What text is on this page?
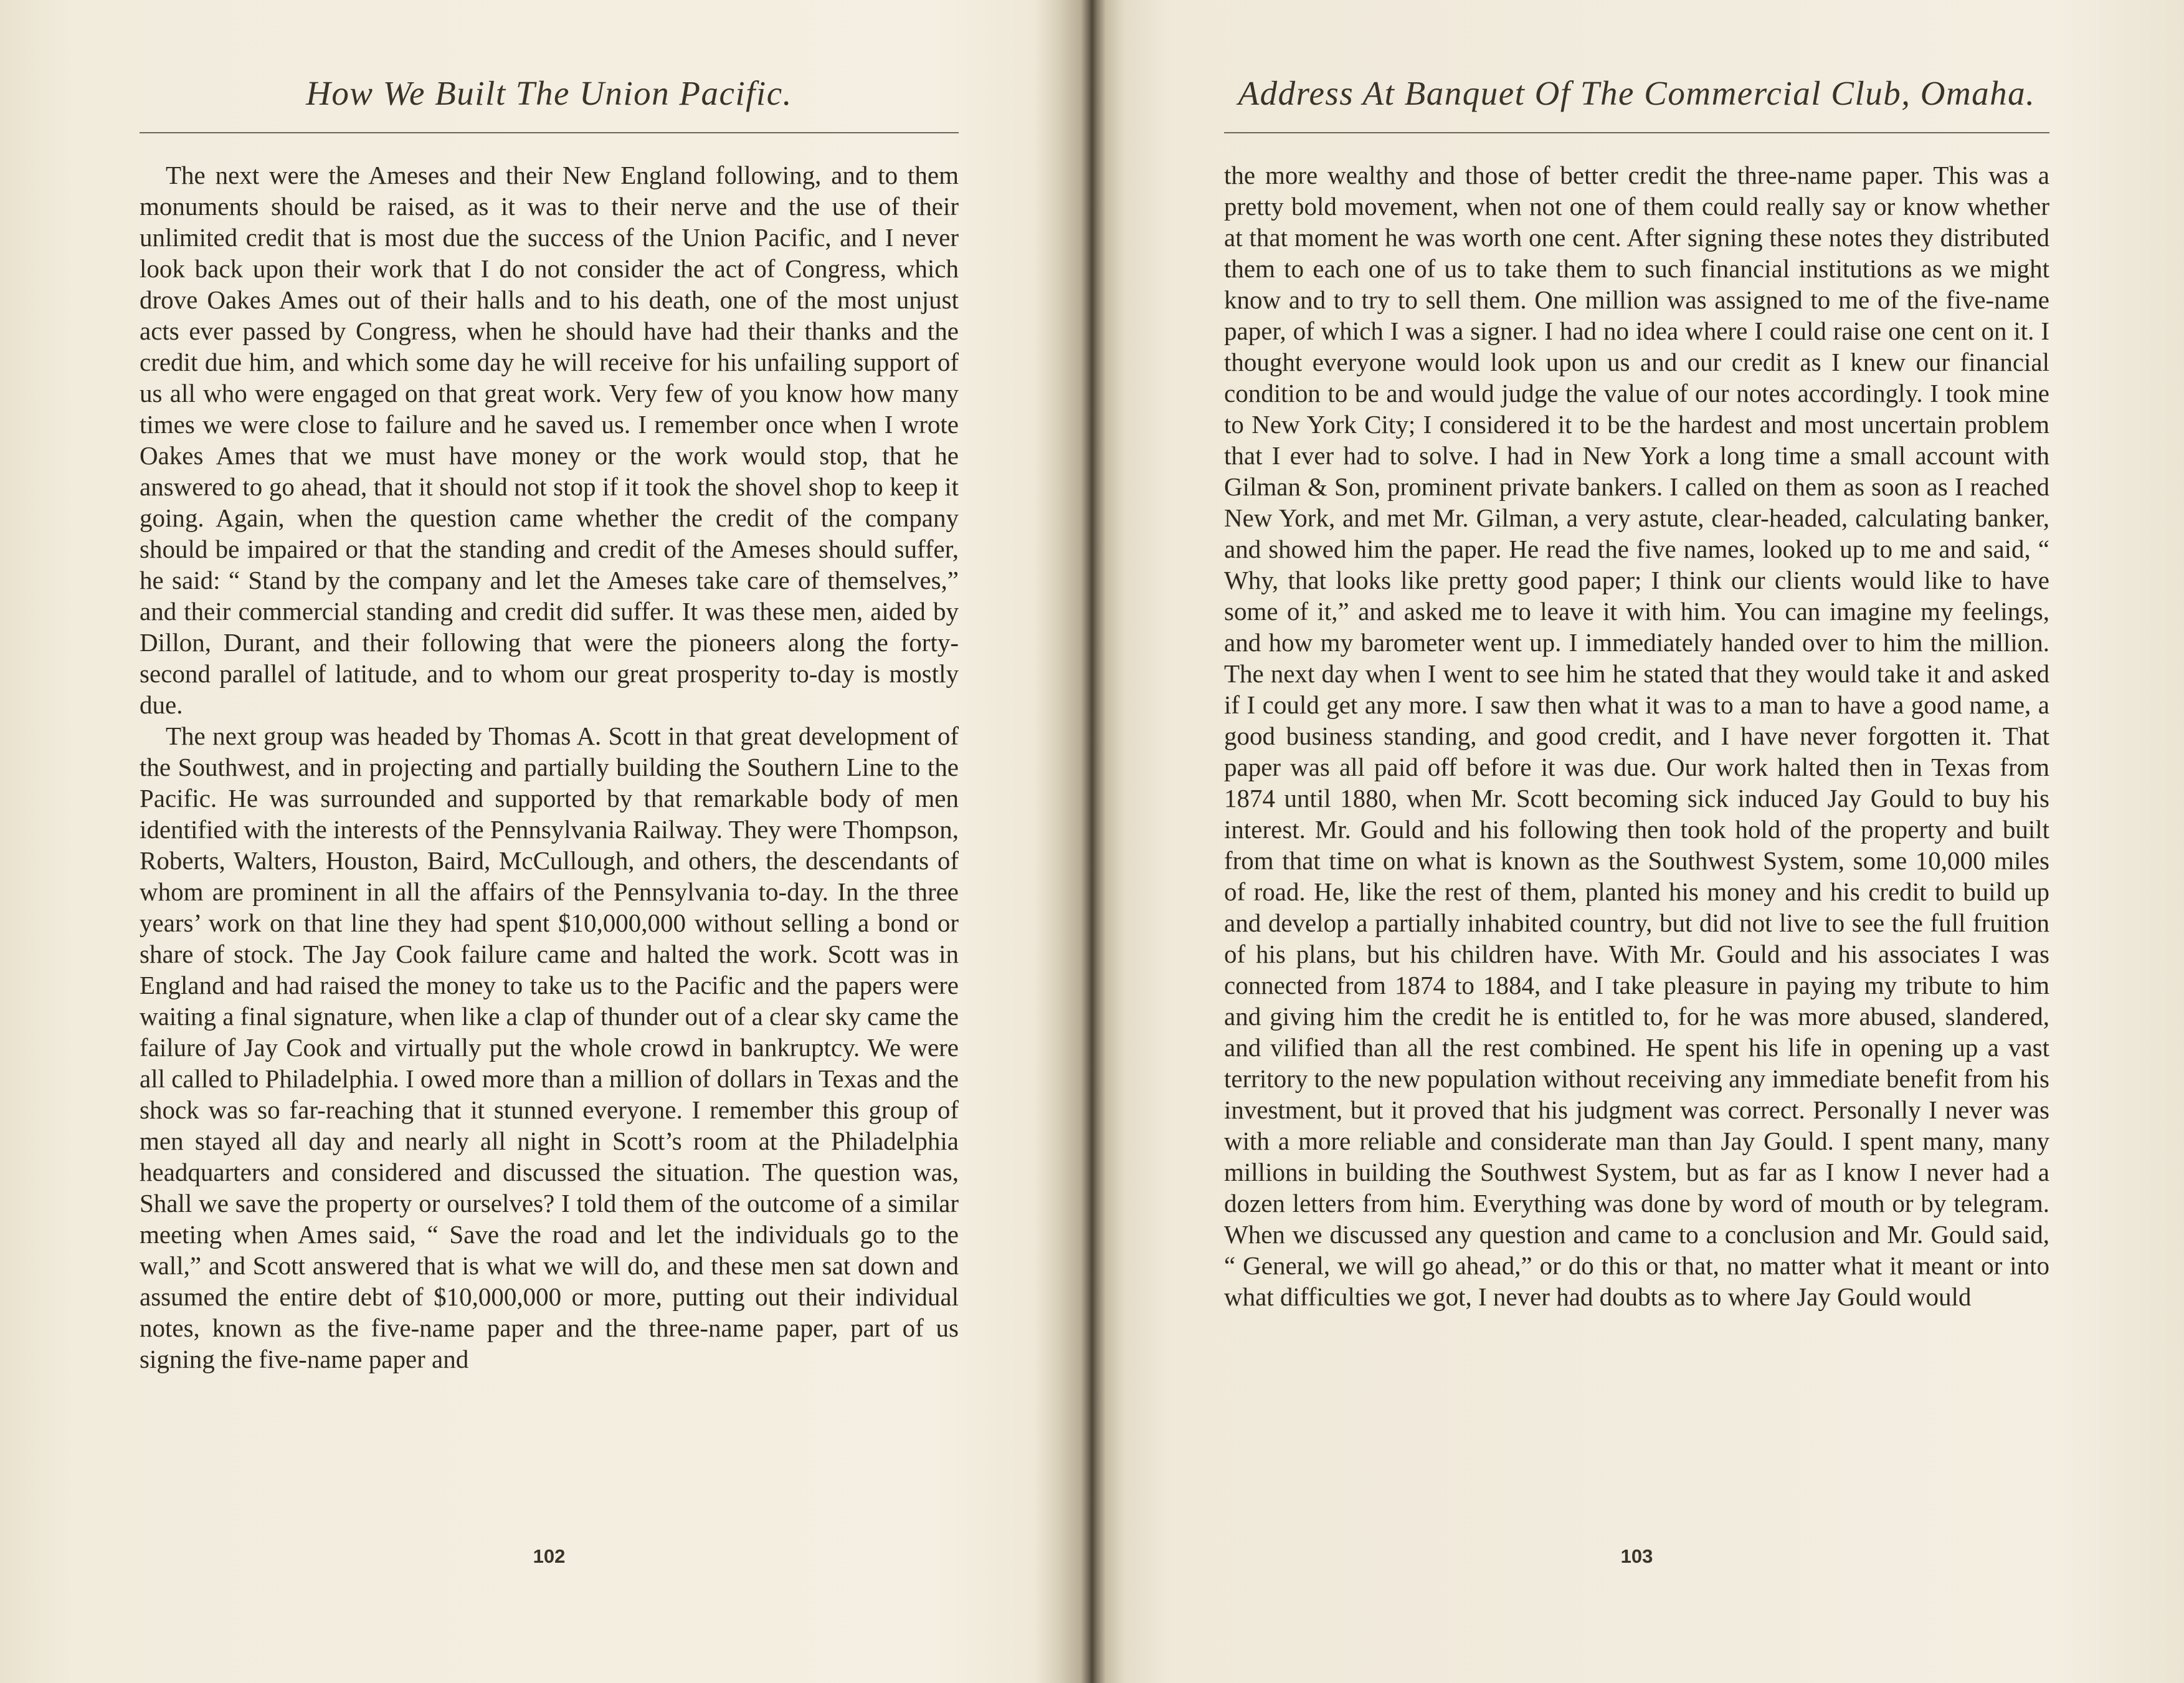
How We Built The Union Pacific.

The next were the Ameses and their New England following, and to them monuments should be raised, as it was to their nerve and the use of their unlimited credit that is most due the success of the Union Pacific, and I never look back upon their work that I do not consider the act of Congress, which drove Oakes Ames out of their halls and to his death, one of the most unjust acts ever passed by Congress, when he should have had their thanks and the credit due him, and which some day he will receive for his unfailing support of us all who were engaged on that great work. Very few of you know how many times we were close to failure and he saved us. I remember once when I wrote Oakes Ames that we must have money or the work would stop, that he answered to go ahead, that it should not stop if it took the shovel shop to keep it going. Again, when the question came whether the credit of the company should be impaired or that the standing and credit of the Ameses should suffer, he said: “ Stand by the company and let the Ameses take care of themselves,” and their commercial standing and credit did suffer. It was these men, aided by Dillon, Durant, and their following that were the pioneers along the forty-second parallel of latitude, and to whom our great prosperity to-day is mostly due.

The next group was headed by Thomas A. Scott in that great development of the Southwest, and in projecting and partially building the Southern Line to the Pacific. He was surrounded and supported by that remarkable body of men identified with the interests of the Pennsylvania Railway. They were Thompson, Roberts, Walters, Houston, Baird, McCullough, and others, the descendants of whom are prominent in all the affairs of the Pennsylvania to-day. In the three years’ work on that line they had spent $10,000,000 without selling a bond or share of stock. The Jay Cook failure came and halted the work. Scott was in England and had raised the money to take us to the Pacific and the papers were waiting a final signature, when like a clap of thunder out of a clear sky came the failure of Jay Cook and virtually put the whole crowd in bankruptcy. We were all called to Philadelphia. I owed more than a million of dollars in Texas and the shock was so far-reaching that it stunned everyone. I remember this group of men stayed all day and nearly all night in Scott’s room at the Philadelphia headquarters and considered and discussed the situation. The question was, Shall we save the property or ourselves? I told them of the outcome of a similar meeting when Ames said, “ Save the road and let the individuals go to the wall,” and Scott answered that is what we will do, and these men sat down and assumed the entire debt of $10,000,000 or more, putting out their individual notes, known as the five-name paper and the three-name paper, part of us signing the five-name paper and

102
Address At Banquet Of The Commercial Club, Omaha.

the more wealthy and those of better credit the three-name paper. This was a pretty bold movement, when not one of them could really say or know whether at that moment he was worth one cent. After signing these notes they distributed them to each one of us to take them to such financial institutions as we might know and to try to sell them. One million was assigned to me of the five-name paper, of which I was a signer. I had no idea where I could raise one cent on it. I thought everyone would look upon us and our credit as I knew our financial condition to be and would judge the value of our notes accordingly. I took mine to New York City; I considered it to be the hardest and most uncertain problem that I ever had to solve. I had in New York a long time a small account with Gilman & Son, prominent private bankers. I called on them as soon as I reached New York, and met Mr. Gilman, a very astute, clear-headed, calculating banker, and showed him the paper. He read the five names, looked up to me and said, “ Why, that looks like pretty good paper; I think our clients would like to have some of it,” and asked me to leave it with him. You can imagine my feelings, and how my barometer went up. I immediately handed over to him the million. The next day when I went to see him he stated that they would take it and asked if I could get any more. I saw then what it was to a man to have a good name, a good business standing, and good credit, and I have never forgotten it. That paper was all paid off before it was due. Our work halted then in Texas from 1874 until 1880, when Mr. Scott becoming sick induced Jay Gould to buy his interest. Mr. Gould and his following then took hold of the property and built from that time on what is known as the Southwest System, some 10,000 miles of road. He, like the rest of them, planted his money and his credit to build up and develop a partially inhabited country, but did not live to see the full fruition of his plans, but his children have. With Mr. Gould and his associates I was connected from 1874 to 1884, and I take pleasure in paying my tribute to him and giving him the credit he is entitled to, for he was more abused, slandered, and vilified than all the rest combined. He spent his life in opening up a vast territory to the new population without receiving any immediate benefit from his investment, but it proved that his judgment was correct. Personally I never was with a more reliable and considerate man than Jay Gould. I spent many, many millions in building the Southwest System, but as far as I know I never had a dozen letters from him. Everything was done by word of mouth or by telegram. When we discussed any question and came to a conclusion and Mr. Gould said, “ General, we will go ahead,” or do this or that, no matter what it meant or into what difficulties we got, I never had doubts as to where Jay Gould would

103
